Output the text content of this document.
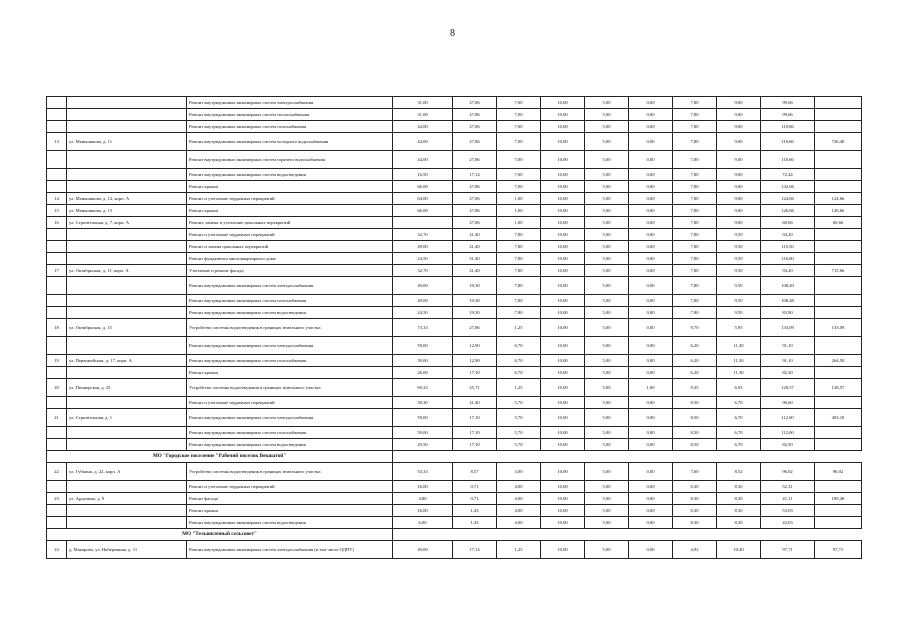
8
		Ремонт внутридомовых инженерных систем электроснабжения	31,00	27,86	7,00	10,00	5,00	0,00	7,80	9,00	99,66	
		Ремонт внутридомовых инженерных систем теплоснабжения	31,00	27,86	7,00	10,00	5,00	0,00	7,80	9,00	99,66	
		Ремонт внутридомовых инженерных систем газоснабжения	44,00	27,86	7,00	10,00	5,00	0,00	7,80	9,00	110,66	
13	ул. Меньшикова, д. 11	Ремонт внутридомовых инженерных систем холодного водоснабжения	44,00	27,86	7,00	10,00	5,00	0,00	7,80	9,00	110,66	736,40
		Ремонт внутридомовых инженерных систем горячего водоснабжения	44,00	27,86	7,00	10,00	5,00	0,00	7,80	9,00	110,66	
		Ремонт внутридомовых инженерных систем водоотведения	16,50	17,14	7,00	10,00	5,00	0,00	7,80	9,00	72,44	
		Ремонт крыши	66,00	27,86	7,00	10,00	5,00	0,00	7,80	9,00	132,66	
14	ул. Меньшикова, д. 12, корп. А	Ремонт и утепление чердачных перекрытий	64,00	27,86	1,00	10,00	5,00	0,00	7,80	9,00	124,66	124,66
15	ул. Меньшикова, д. 15	Ремонт крыши	66,00	27,86	1,00	10,00	5,00	0,00	7,80	9,00	126,66	126,66
16	ул. Строительная, д. 7, корп. А	Ремонт, замена и утепление цокольных перекрытий		27,86	1,00	10,00	5,00	0,00	7,80	9,00	60,66	60,66
		Ремонт и утепление чердачных перекрытий	32,70	21,40	7,80	10,00	5,00	0,00	7,80	9,50	94,20	
		Ремонт и замена цокольных перекрытий	49,00	21,40	7,80	10,00	5,00	0,00	7,80	9,50	110,50	
		Ремонт фундамента многоквартирного дома	24,50	51,40	7,80	10,00	5,00	0,00	7,80	9,50	116,00	
17	ул. Октябрьская, д. 11, корп. А	Утепление и ремонт фасада	32,70	21,40	7,80	10,00	5,00	0,00	7,80	9,50	94,20	715,66
		Ремонт внутридомовых инженерных систем электроснабжения	49,00	19,30	7,80	10,00	5,00	0,00	7,80	9,50	108,40	
		Ремонт внутридомовых инженерных систем газоснабжения	49,00	19,30	7,80	10,00	5,00	0,00	7,80	9,50	108,48	
		Ремонт внутридомовых инженерных систем водоотведения	24,50	19,30	7,80	10,00	5,00	0,00	7,80	9,50	83,90	
18	ул. Октябрьская, д. 15	Устройство системы водоотведения в границах земельного участка	73,33	27,86	1,25	10,00	5,00	0,00	9,70	5,95	133,09	133,09
		Ремонт внутридомовых инженерных систем электроснабжения	59,00	12,90	6,70	10,00	5,00	0,00	6,20	11,30	91,10	
19	ул. Первомайская, д. 17, корп. А	Ремонт внутридомовых инженерных систем газоснабжения	39,00	12,90	6,70	10,00	5,00	0,00	6,20	11,30	91,10	264,50
		Ремонт крыши	26,00	17,10	6,70	10,00	5,00	0,00	6,20	11,30	82,30	
20	ул. Пионерская, д. 25	Устройство системы водоотведения в границах земельного участка	69,33	25,71	1,25	10,00	5,00	1,00	9,35	6,93	128,57	128,57
		Ремонт и утепление чердачных перекрытий	39,30	21,40	5,70	10,00	5,00	0,00	8,50	6,70	96,60	
21	ул. Строительная, д. 1	Ремонт внутридомовых инженерных систем электроснабжения	59,00	17,10	5,70	10,00	5,00	0,00	8,50	6,70	112,00	403,10
		Ремонт внутридомовых инженерных систем газоснабжения	59,00	17,10	5,70	10,00	5,00	0,00	8,50	6,70	112,00	
		Ремонт внутридомовых инженерных систем водоотведения	29,50	17,10	5,70	10,00	5,00	0,00	8,50	6,70	82,50	
МО "Городское поселение "Рабочий поселок Векшатой"												
22	ул. Губкина, д. 22, корп. А	Устройство системы водоотведения в границах земельного участка	53,33	8,57	3,00	10,00	5,00	0,00	7,60	8,52	96,02	96,02
		Ремонт и утепление чердачных перекрытий	16,00	0,71	4,00	10,00	5,00	0,00	8,30	8,30	52,31	
23	ул. Ардалина, д. 9	Ремонт фасада	4,80	0,71	4,00	10,00	5,00	0,00	8,30	8,30	41,11	189,48
		Ремонт крыши	16,00	1,43	4,00	10,00	5,00	0,00	8,30	8,30	53,03	
		Ремонт внутридомовых инженерных систем водоотведения	6,00	1,43	4,00	10,00	5,00	0,00	8,30	8,30	43,03	
МО "Тельвисочный сельсовет"												
24	д. Макарово, ул. Набережная, д. 11	Ремонт внутридомовых инженерных систем электроснабжения (в том числе ОДПУ)	49,00	17,14	1,25	10,00	5,00	0,00	4,92	10,40	97,71	97,71
